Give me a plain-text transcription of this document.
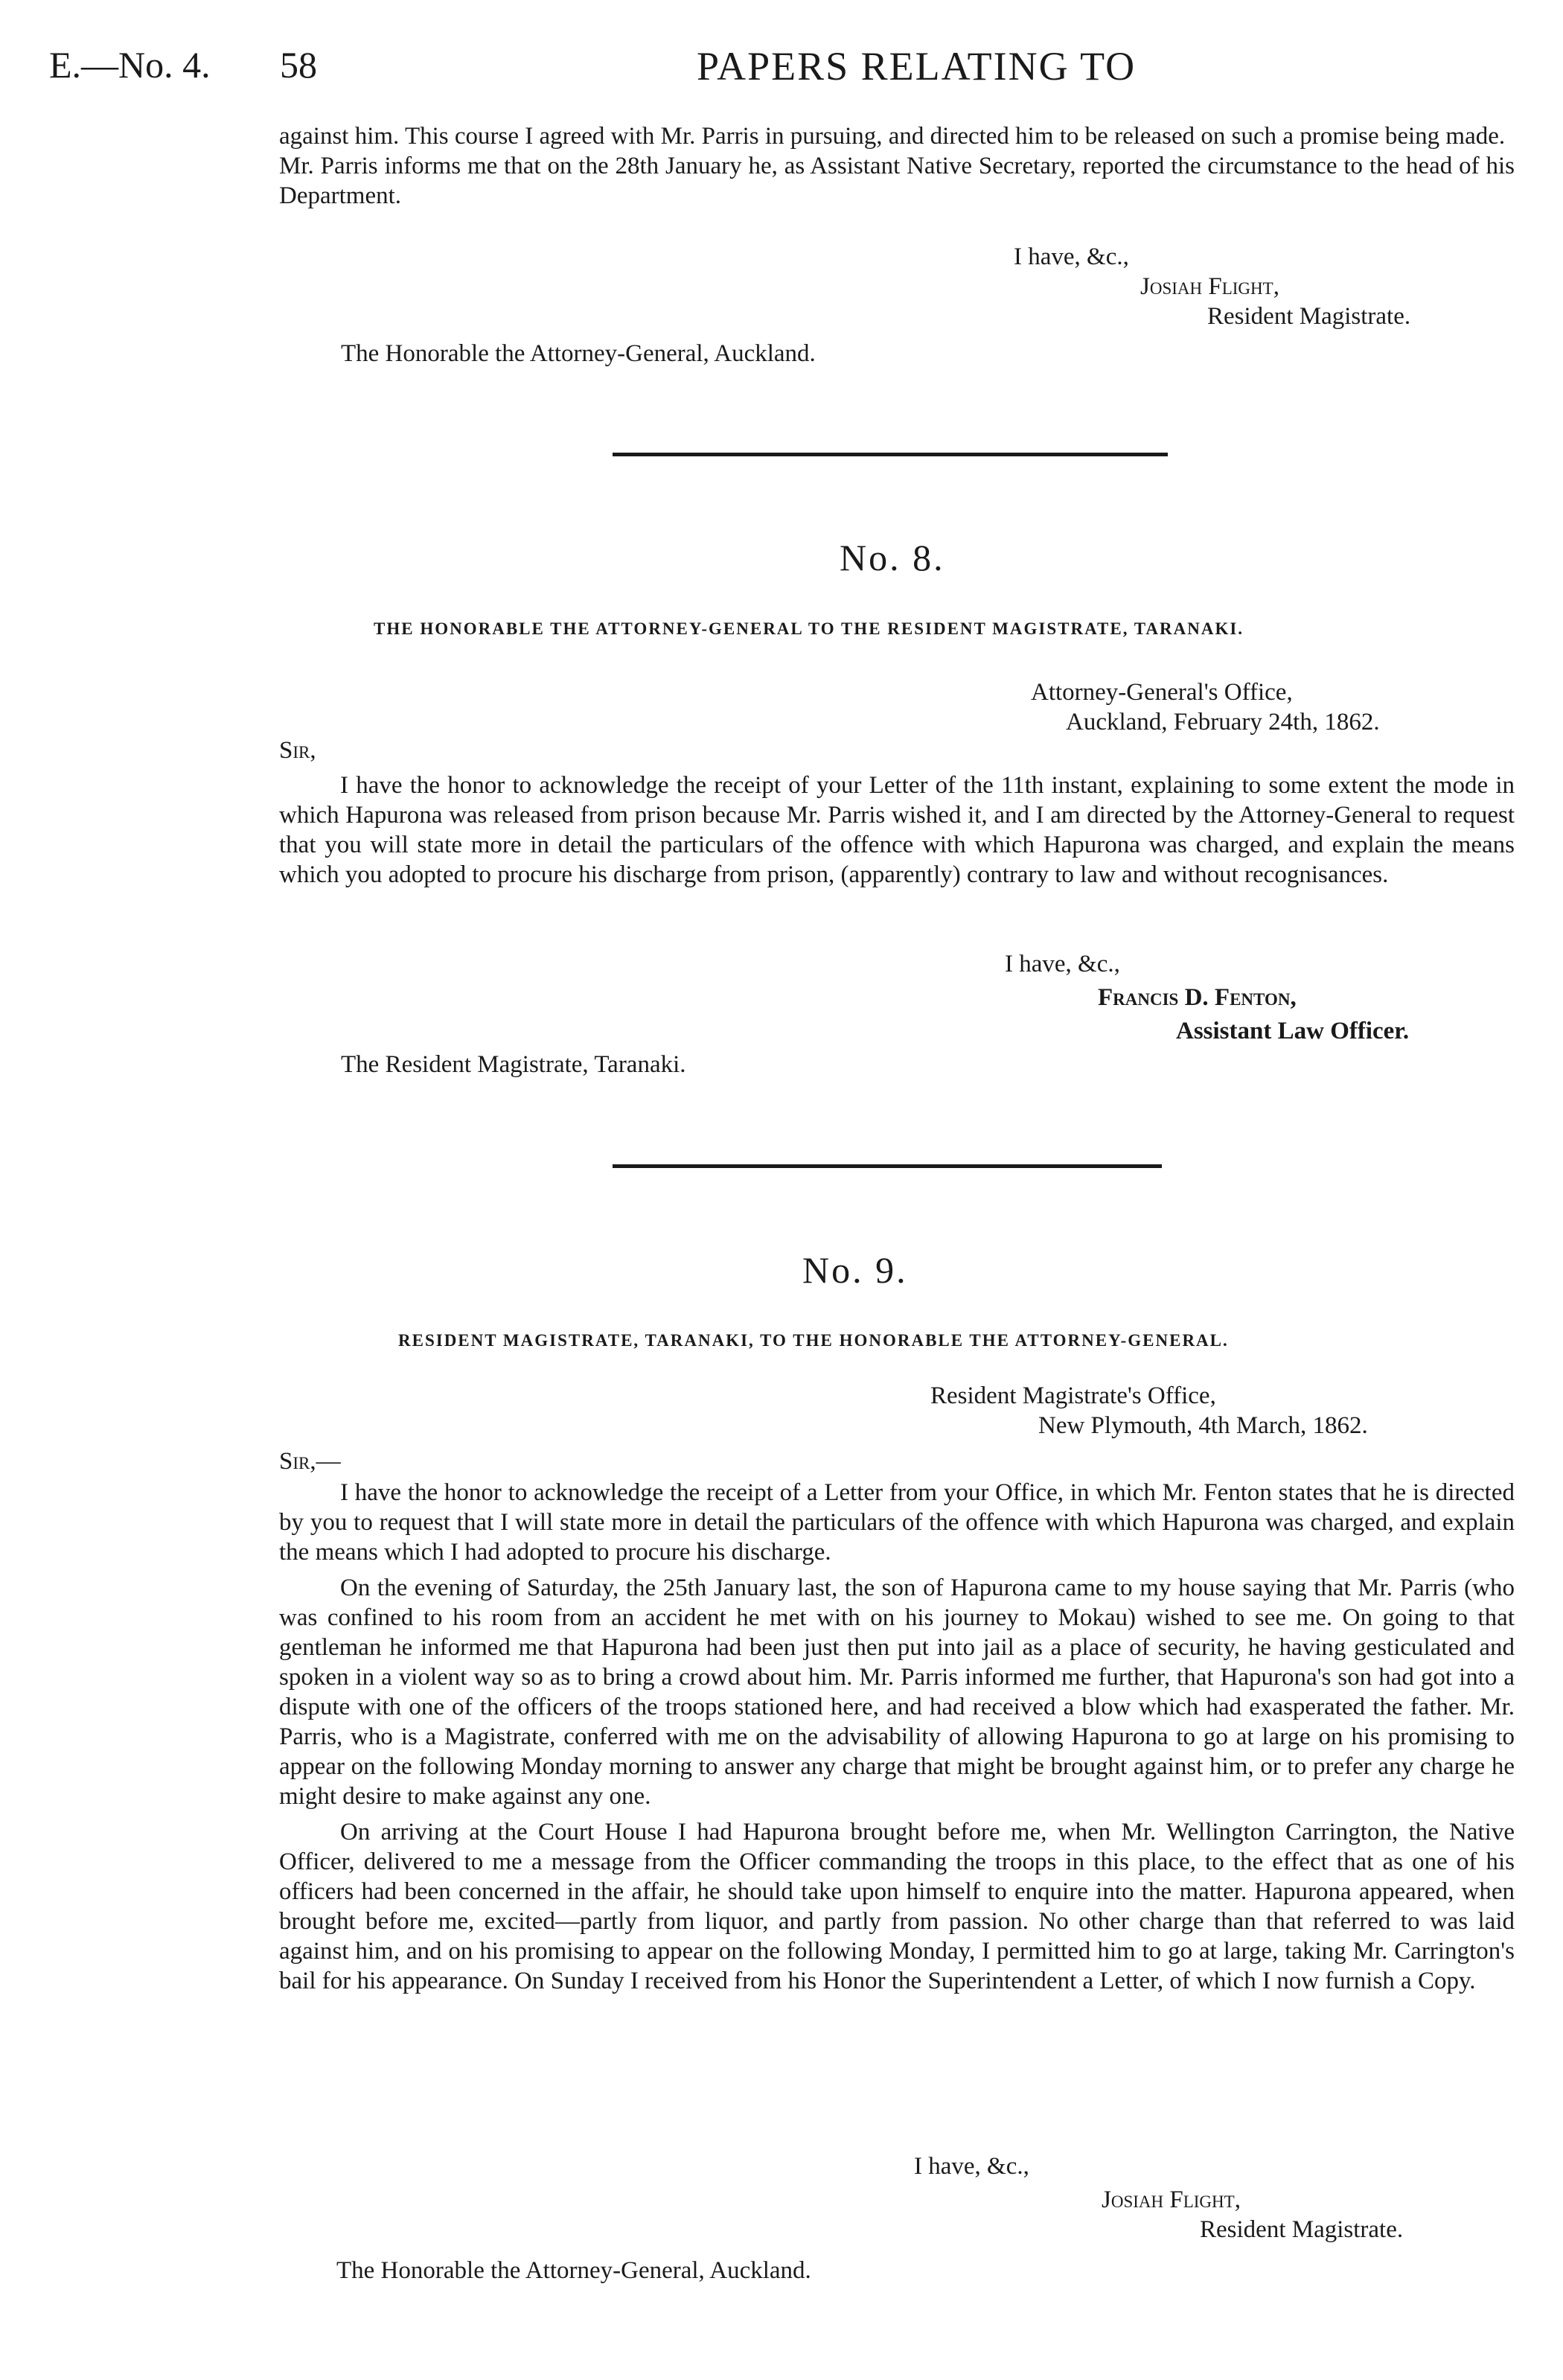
E.—No. 4. 58	PAPERS RELATING TO

against him. This course I agreed with Mr. Parris in pursuing, and directed him to be released on such a promise being made.

Mr. Parris informs me that on the 28th January he, as Assistant Native Secretary, reported the circumstance to the head of his Department.

I have, &c.,
Josiah Flight,
Resident Magistrate.
The Honorable the Attorney-General, Auckland.
No. 8.
THE HONORABLE THE ATTORNEY-GENERAL TO THE RESIDENT MAGISTRATE, TARANAKI.
Attorney-General's Office,
Auckland, February 24th, 1862.
Sir,

I have the honor to acknowledge the receipt of your Letter of the 11th instant, explaining to some extent the mode in which Hapurona was released from prison because Mr. Parris wished it, and I am directed by the Attorney-General to request that you will state more in detail the particulars of the offence with which Hapurona was charged, and explain the means which you adopted to procure his discharge from prison, (apparently) contrary to law and without recognisances.

I have, &c.,
Francis D. Fenton,
Assistant Law Officer.
The Resident Magistrate, Taranaki.
No. 9.
RESIDENT MAGISTRATE, TARANAKI, TO THE HONORABLE THE ATTORNEY-GENERAL.
Resident Magistrate's Office,
New Plymouth, 4th March, 1862.
Sir,—

I have the honor to acknowledge the receipt of a Letter from your Office, in which Mr. Fenton states that he is directed by you to request that I will state more in detail the particulars of the offence with which Hapurona was charged, and explain the means which I had adopted to procure his discharge.

On the evening of Saturday, the 25th January last, the son of Hapurona came to my house saying that Mr. Parris (who was confined to his room from an accident he met with on his journey to Mokau) wished to see me. On going to that gentleman he informed me that Hapurona had been just then put into jail as a place of security, he having gesticulated and spoken in a violent way so as to bring a crowd about him. Mr. Parris informed me further, that Hapurona's son had got into a dispute with one of the officers of the troops stationed here, and had received a blow which had exasperated the father. Mr. Parris, who is a Magistrate, conferred with me on the advisability of allowing Hapurona to go at large on his promising to appear on the following Monday morning to answer any charge that might be brought against him, or to prefer any charge he might desire to make against any one.

On arriving at the Court House I had Hapurona brought before me, when Mr. Wellington Carrington, the Native Officer, delivered to me a message from the Officer commanding the troops in this place, to the effect that as one of his officers had been concerned in the affair, he should take upon himself to enquire into the matter. Hapurona appeared, when brought before me, excited—partly from liquor, and partly from passion. No other charge than that referred to was laid against him, and on his promising to appear on the following Monday, I permitted him to go at large, taking Mr. Carrington's bail for his appearance. On Sunday I received from his Honor the Superintendent a Letter, of which I now furnish a Copy.

I have, &c.,
Josiah Flight,
Resident Magistrate.
The Honorable the Attorney-General, Auckland.
